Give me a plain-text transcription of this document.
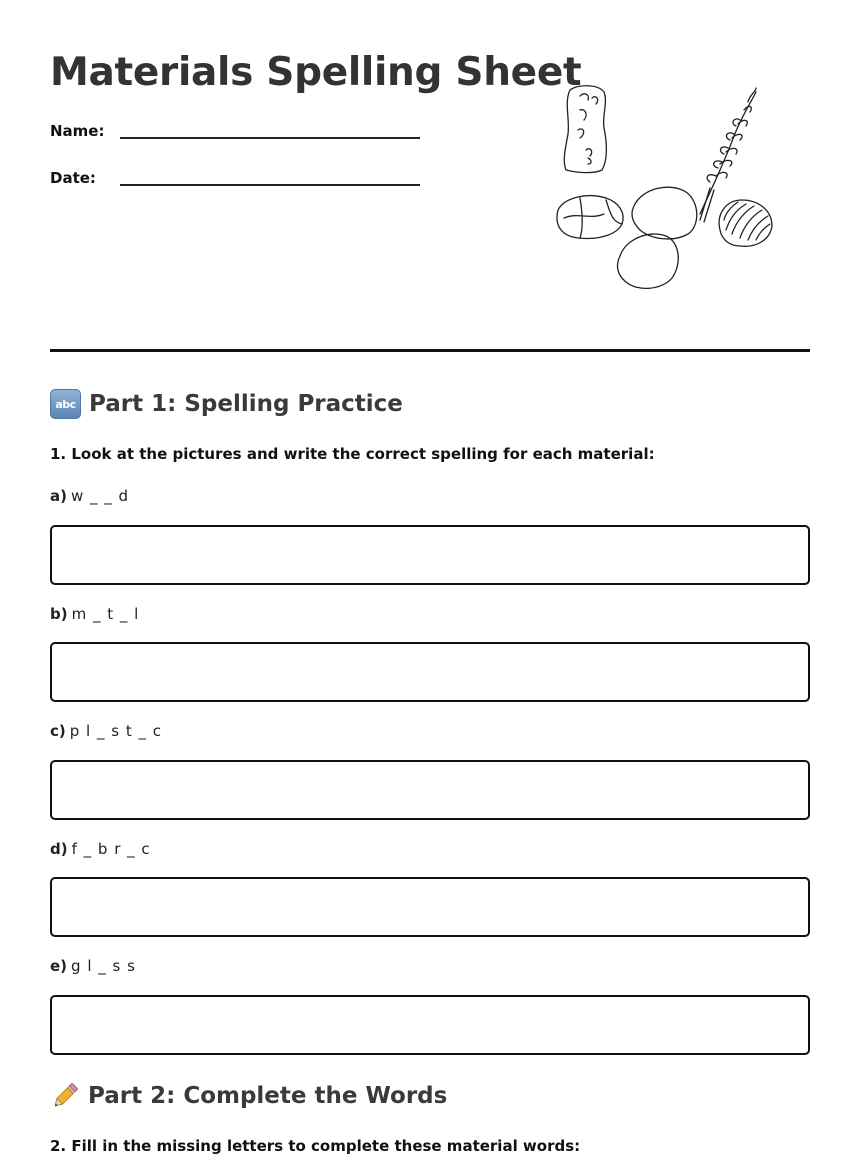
Materials Spelling Sheet
Name:
Date:
abc Part 1: Spelling Practice
1. Look at the pictures and write the correct spelling for each material:
a) w _ _ d
b) m _ t _ l
c) p l _ s t _ c
d) f _ b r _ c
e) g l _ s s
Part 2: Complete the Words
2. Fill in the missing letters to complete these material words:
